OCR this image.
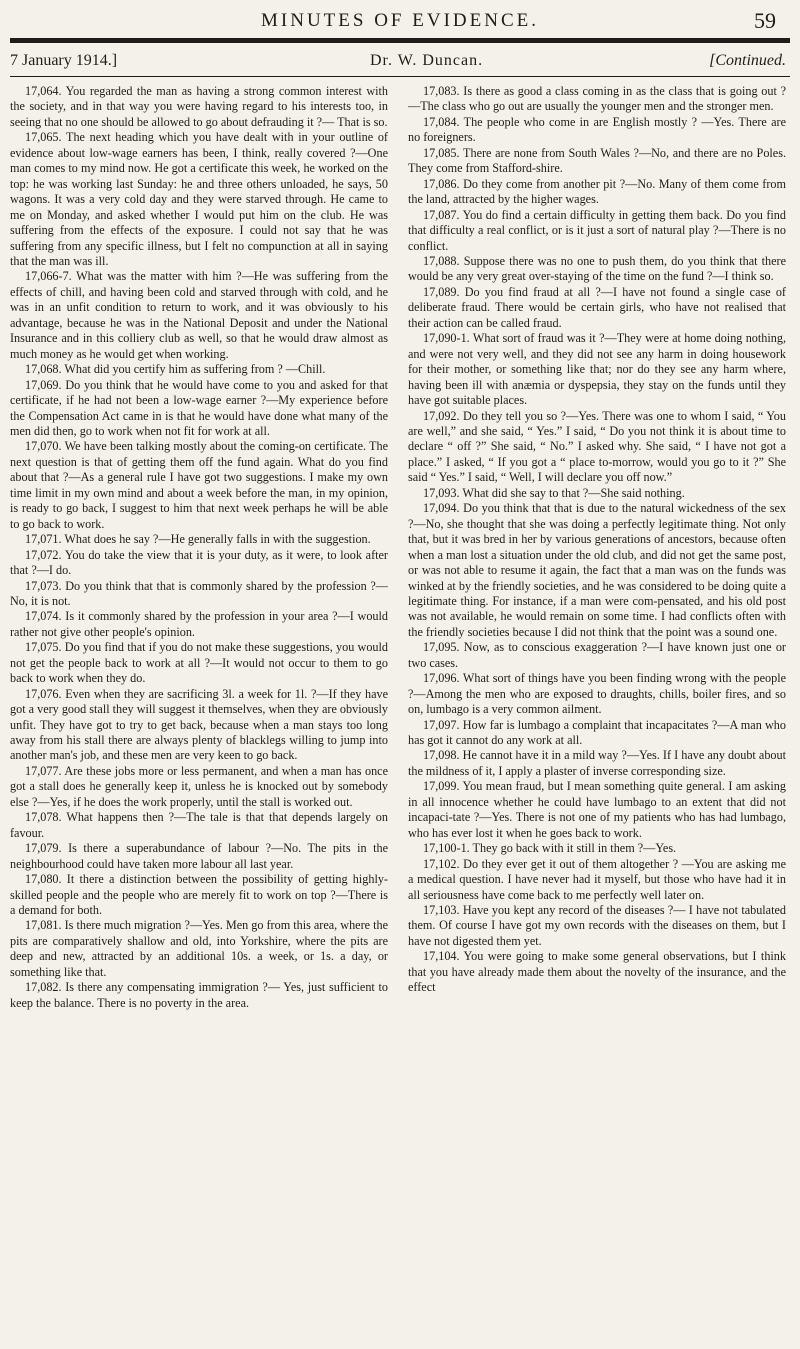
MINUTES OF EVIDENCE.	59
7 January 1914.]	Dr. W. Duncan.	[Continued.

17,064. You regarded the man as having a strong common interest with the society, and in that way you were having regard to his interests too, in seeing that no one should be allowed to go about defrauding it ?— That is so.

17,065. The next heading which you have dealt with in your outline of evidence about low-wage earners has been, I think, really covered ?—One man comes to my mind now. He got a certificate this week, he worked on the top: he was working last Sunday: he and three others unloaded, he says, 50 wagons. It was a very cold day and they were starved through. He came to me on Monday, and asked whether I would put him on the club. He was suffering from the effects of the exposure. I could not say that he was suffering from any specific illness, but I felt no compunction at all in saying that the man was ill.

17,066-7. What was the matter with him ?—He was suffering from the effects of chill, and having been cold and starved through with cold, and he was in an unfit condition to return to work, and it was obviously to his advantage, because he was in the National Deposit and under the National Insurance and in this colliery club as well, so that he would draw almost as much money as he would get when working.

17,068. What did you certify him as suffering from ? —Chill.

17,069. Do you think that he would have come to you and asked for that certificate, if he had not been a low-wage earner ?—My experience before the Compensation Act came in is that he would have done what many of the men did then, go to work when not fit for work at all.

17,070. We have been talking mostly about the coming-on certificate. The next question is that of getting them off the fund again. What do you find about that ?—As a general rule I have got two suggestions. I make my own time limit in my own mind and about a week before the man, in my opinion, is ready to go back, I suggest to him that next week perhaps he will be able to go back to work.

17,071. What does he say ?—He generally falls in with the suggestion.

17,072. You do take the view that it is your duty, as it were, to look after that ?—I do.

17,073. Do you think that that is commonly shared by the profession ?—No, it is not.

17,074. Is it commonly shared by the profession in your area ?—I would rather not give other people's opinion.

17,075. Do you find that if you do not make these suggestions, you would not get the people back to work at all ?—It would not occur to them to go back to work when they do.

17,076. Even when they are sacrificing 3l. a week for 1l. ?—If they have got a very good stall they will suggest it themselves, when they are obviously unfit. They have got to try to get back, because when a man stays too long away from his stall there are always plenty of blacklegs willing to jump into another man's job, and these men are very keen to go back.

17,077. Are these jobs more or less permanent, and when a man has once got a stall does he generally keep it, unless he is knocked out by somebody else ?—Yes, if he does the work properly, until the stall is worked out.

17,078. What happens then ?—The tale is that that depends largely on favour.

17,079. Is there a superabundance of labour ?—No. The pits in the neighbourhood could have taken more labour all last year.

17,080. It there a distinction between the possibility of getting highly-skilled people and the people who are merely fit to work on top ?—There is a demand for both.

17,081. Is there much migration ?—Yes. Men go from this area, where the pits are comparatively shallow and old, into Yorkshire, where the pits are deep and new, attracted by an additional 10s. a week, or 1s. a day, or something like that.

17,082. Is there any compensating immigration ?— Yes, just sufficient to keep the balance. There is no poverty in the area.

17,083. Is there as good a class coming in as the class that is going out ?—The class who go out are usually the younger men and the stronger men.

17,084. The people who come in are English mostly ? —Yes. There are no foreigners.

17,085. There are none from South Wales ?—No, and there are no Poles. They come from Stafford-shire.

17,086. Do they come from another pit ?—No. Many of them come from the land, attracted by the higher wages.

17,087. You do find a certain difficulty in getting them back. Do you find that difficulty a real conflict, or is it just a sort of natural play ?—There is no conflict.

17,088. Suppose there was no one to push them, do you think that there would be any very great over-staying of the time on the fund ?—I think so.

17,089. Do you find fraud at all ?—I have not found a single case of deliberate fraud. There would be certain girls, who have not realised that their action can be called fraud.

17,090-1. What sort of fraud was it ?—They were at home doing nothing, and were not very well, and they did not see any harm in doing housework for their mother, or something like that; nor do they see any harm where, having been ill with anæmia or dyspepsia, they stay on the funds until they have got suitable places.

17,092. Do they tell you so ?—Yes. There was one to whom I said, “ You are well,” and she said, “ Yes.” I said, “ Do you not think it is about time to declare “ off ?” She said, “ No.” I asked why. She said, “ I have not got a place.” I asked, “ If you got a “ place to-morrow, would you go to it ?” She said “ Yes.” I said, “ Well, I will declare you off now.”

17,093. What did she say to that ?—She said nothing.

17,094. Do you think that that is due to the natural wickedness of the sex ?—No, she thought that she was doing a perfectly legitimate thing. Not only that, but it was bred in her by various generations of ancestors, because often when a man lost a situation under the old club, and did not get the same post, or was not able to resume it again, the fact that a man was on the funds was winked at by the friendly societies, and he was considered to be doing quite a legitimate thing. For instance, if a man were com-pensated, and his old post was not available, he would remain on some time. I had conflicts often with the friendly societies because I did not think that the point was a sound one.

17,095. Now, as to conscious exaggeration ?—I have known just one or two cases.

17,096. What sort of things have you been finding wrong with the people ?—Among the men who are exposed to draughts, chills, boiler fires, and so on, lumbago is a very common ailment.

17,097. How far is lumbago a complaint that incapacitates ?—A man who has got it cannot do any work at all.

17,098. He cannot have it in a mild way ?—Yes. If I have any doubt about the mildness of it, I apply a plaster of inverse corresponding size.

17,099. You mean fraud, but I mean something quite general. I am asking in all innocence whether he could have lumbago to an extent that did not incapaci-tate ?—Yes. There is not one of my patients who has had lumbago, who has ever lost it when he goes back to work.

17,100-1. They go back with it still in them ?—Yes.

17,102. Do they ever get it out of them altogether ? —You are asking me a medical question. I have never had it myself, but those who have had it in all seriousness have come back to me perfectly well later on.

17,103. Have you kept any record of the diseases ?— I have not tabulated them. Of course I have got my own records with the diseases on them, but I have not digested them yet.

17,104. You were going to make some general observations, but I think that you have already made them about the novelty of the insurance, and the effect
